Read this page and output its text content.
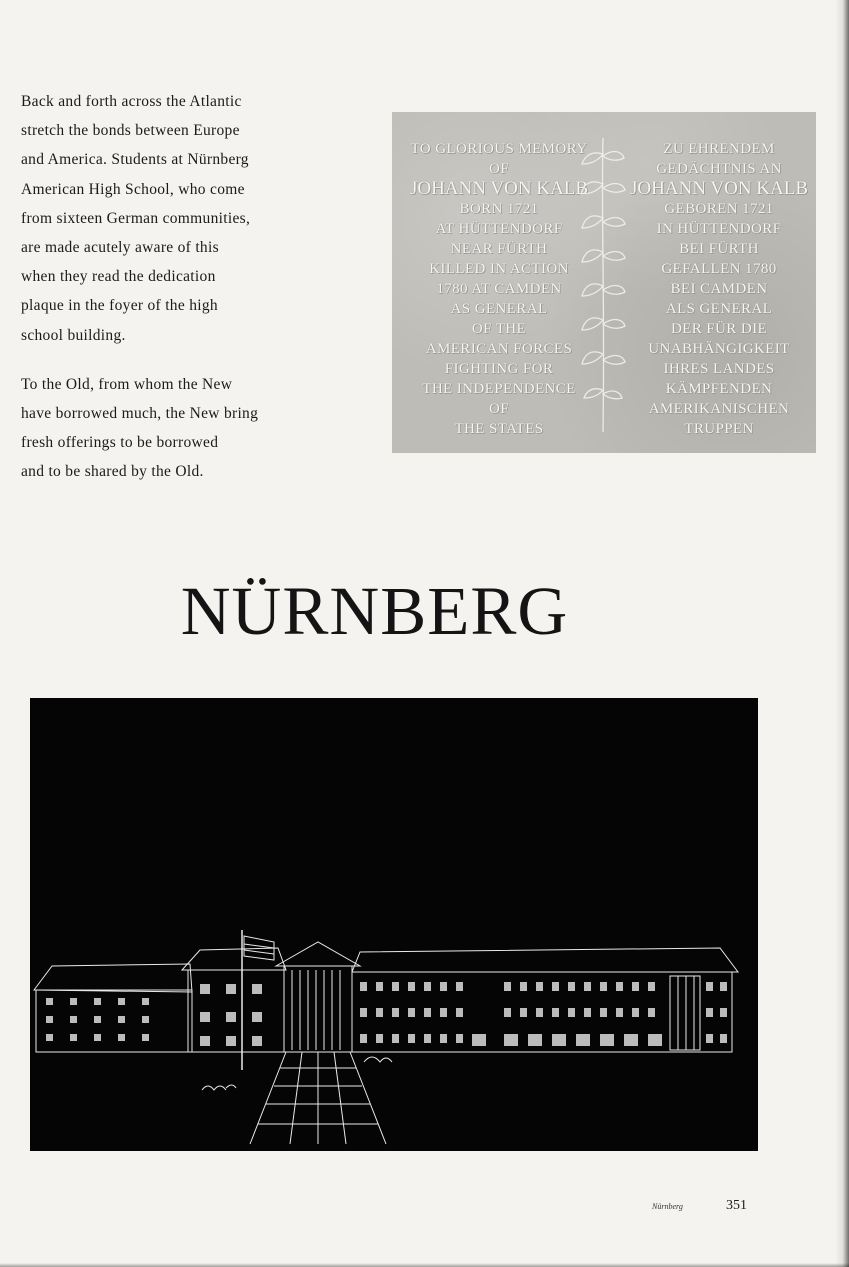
Back and forth across the Atlantic
stretch the bonds between Europe
and America. Students at Nürnberg
American High School, who come
from sixteen German communities,
are made acutely aware of this
when they read the dedication
plaque in the foyer of the high
school building.

To the Old, from whom the New
have borrowed much, the New bring
fresh offerings to be borrowed
and to be shared by the Old.

TO GLORIOUS MEMORY
OF
JOHANN VON KALB
BORN 1721
AT HÜTTENDORF
NEAR FÜRTH
KILLED IN ACTION
1780 AT CAMDEN
AS GENERAL
OF THE
AMERICAN FORCES
FIGHTING FOR
THE INDEPENDENCE
OF
THE STATES
ZU EHRENDEM
GEDÄCHTNIS AN
JOHANN VON KALB
GEBOREN 1721
IN HÜTTENDORF
BEI FÜRTH
GEFALLEN 1780
BEI CAMDEN
ALS GENERAL
DER FÜR DIE
UNABHÄNGIGKEIT
IHRES LANDES
KÄMPFENDEN
AMERIKANISCHEN
TRUPPEN
NÜRNBERG
Nürnberg	351
